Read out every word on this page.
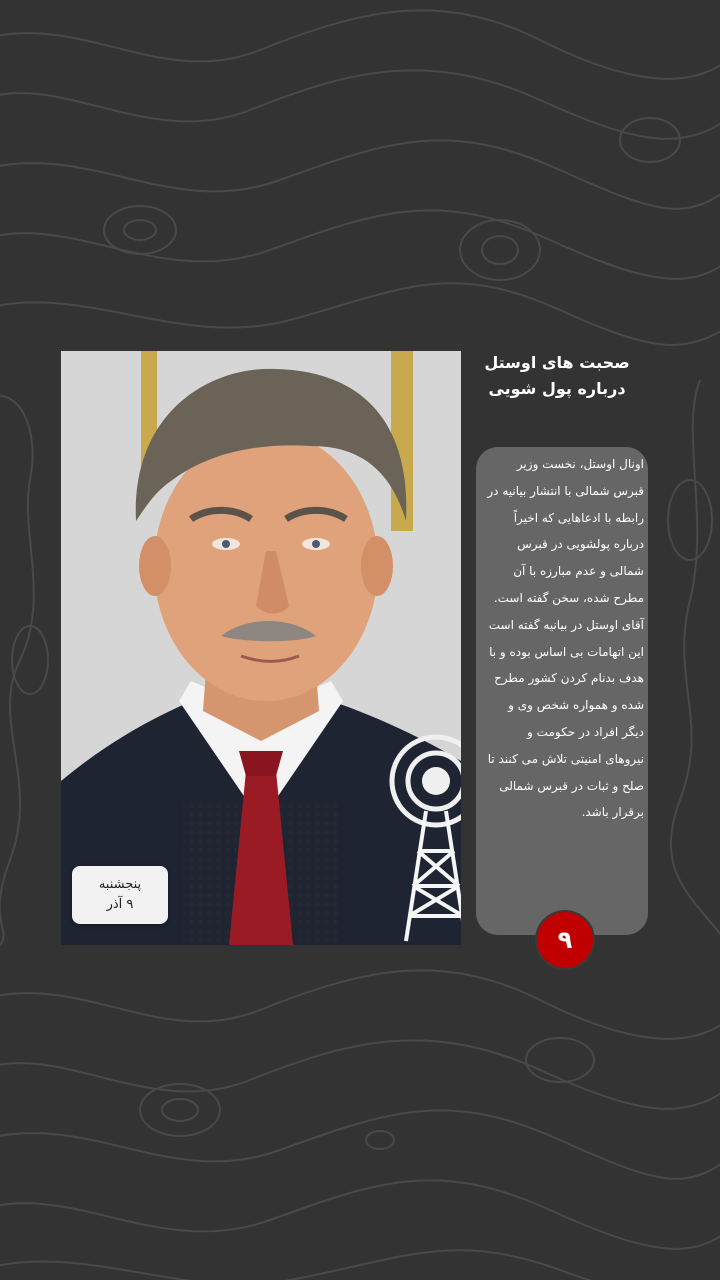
پنجشنبه
۹ آذر
صحبت های اوستل درباره پول شویی
اونال اوستل، نخست وزیر قبرس شمالی با انتشار بیانیه در رابطه با ادعاهایی که اخیراً درباره پولشویی در قبرس شمالی و عدم مبارزه با آن مطرح شده، سخن گفته است. آقای اوستل در بیانیه گفته است این اتهامات بی اساس بوده و با هدف بدنام کردن کشور مطرح شده و همواره شخص وی و دیگر افراد در حکومت و نیروهای امنیتی تلاش می کنند تا صلح و ثبات در قبرس شمالی برقرار باشد.
۹
